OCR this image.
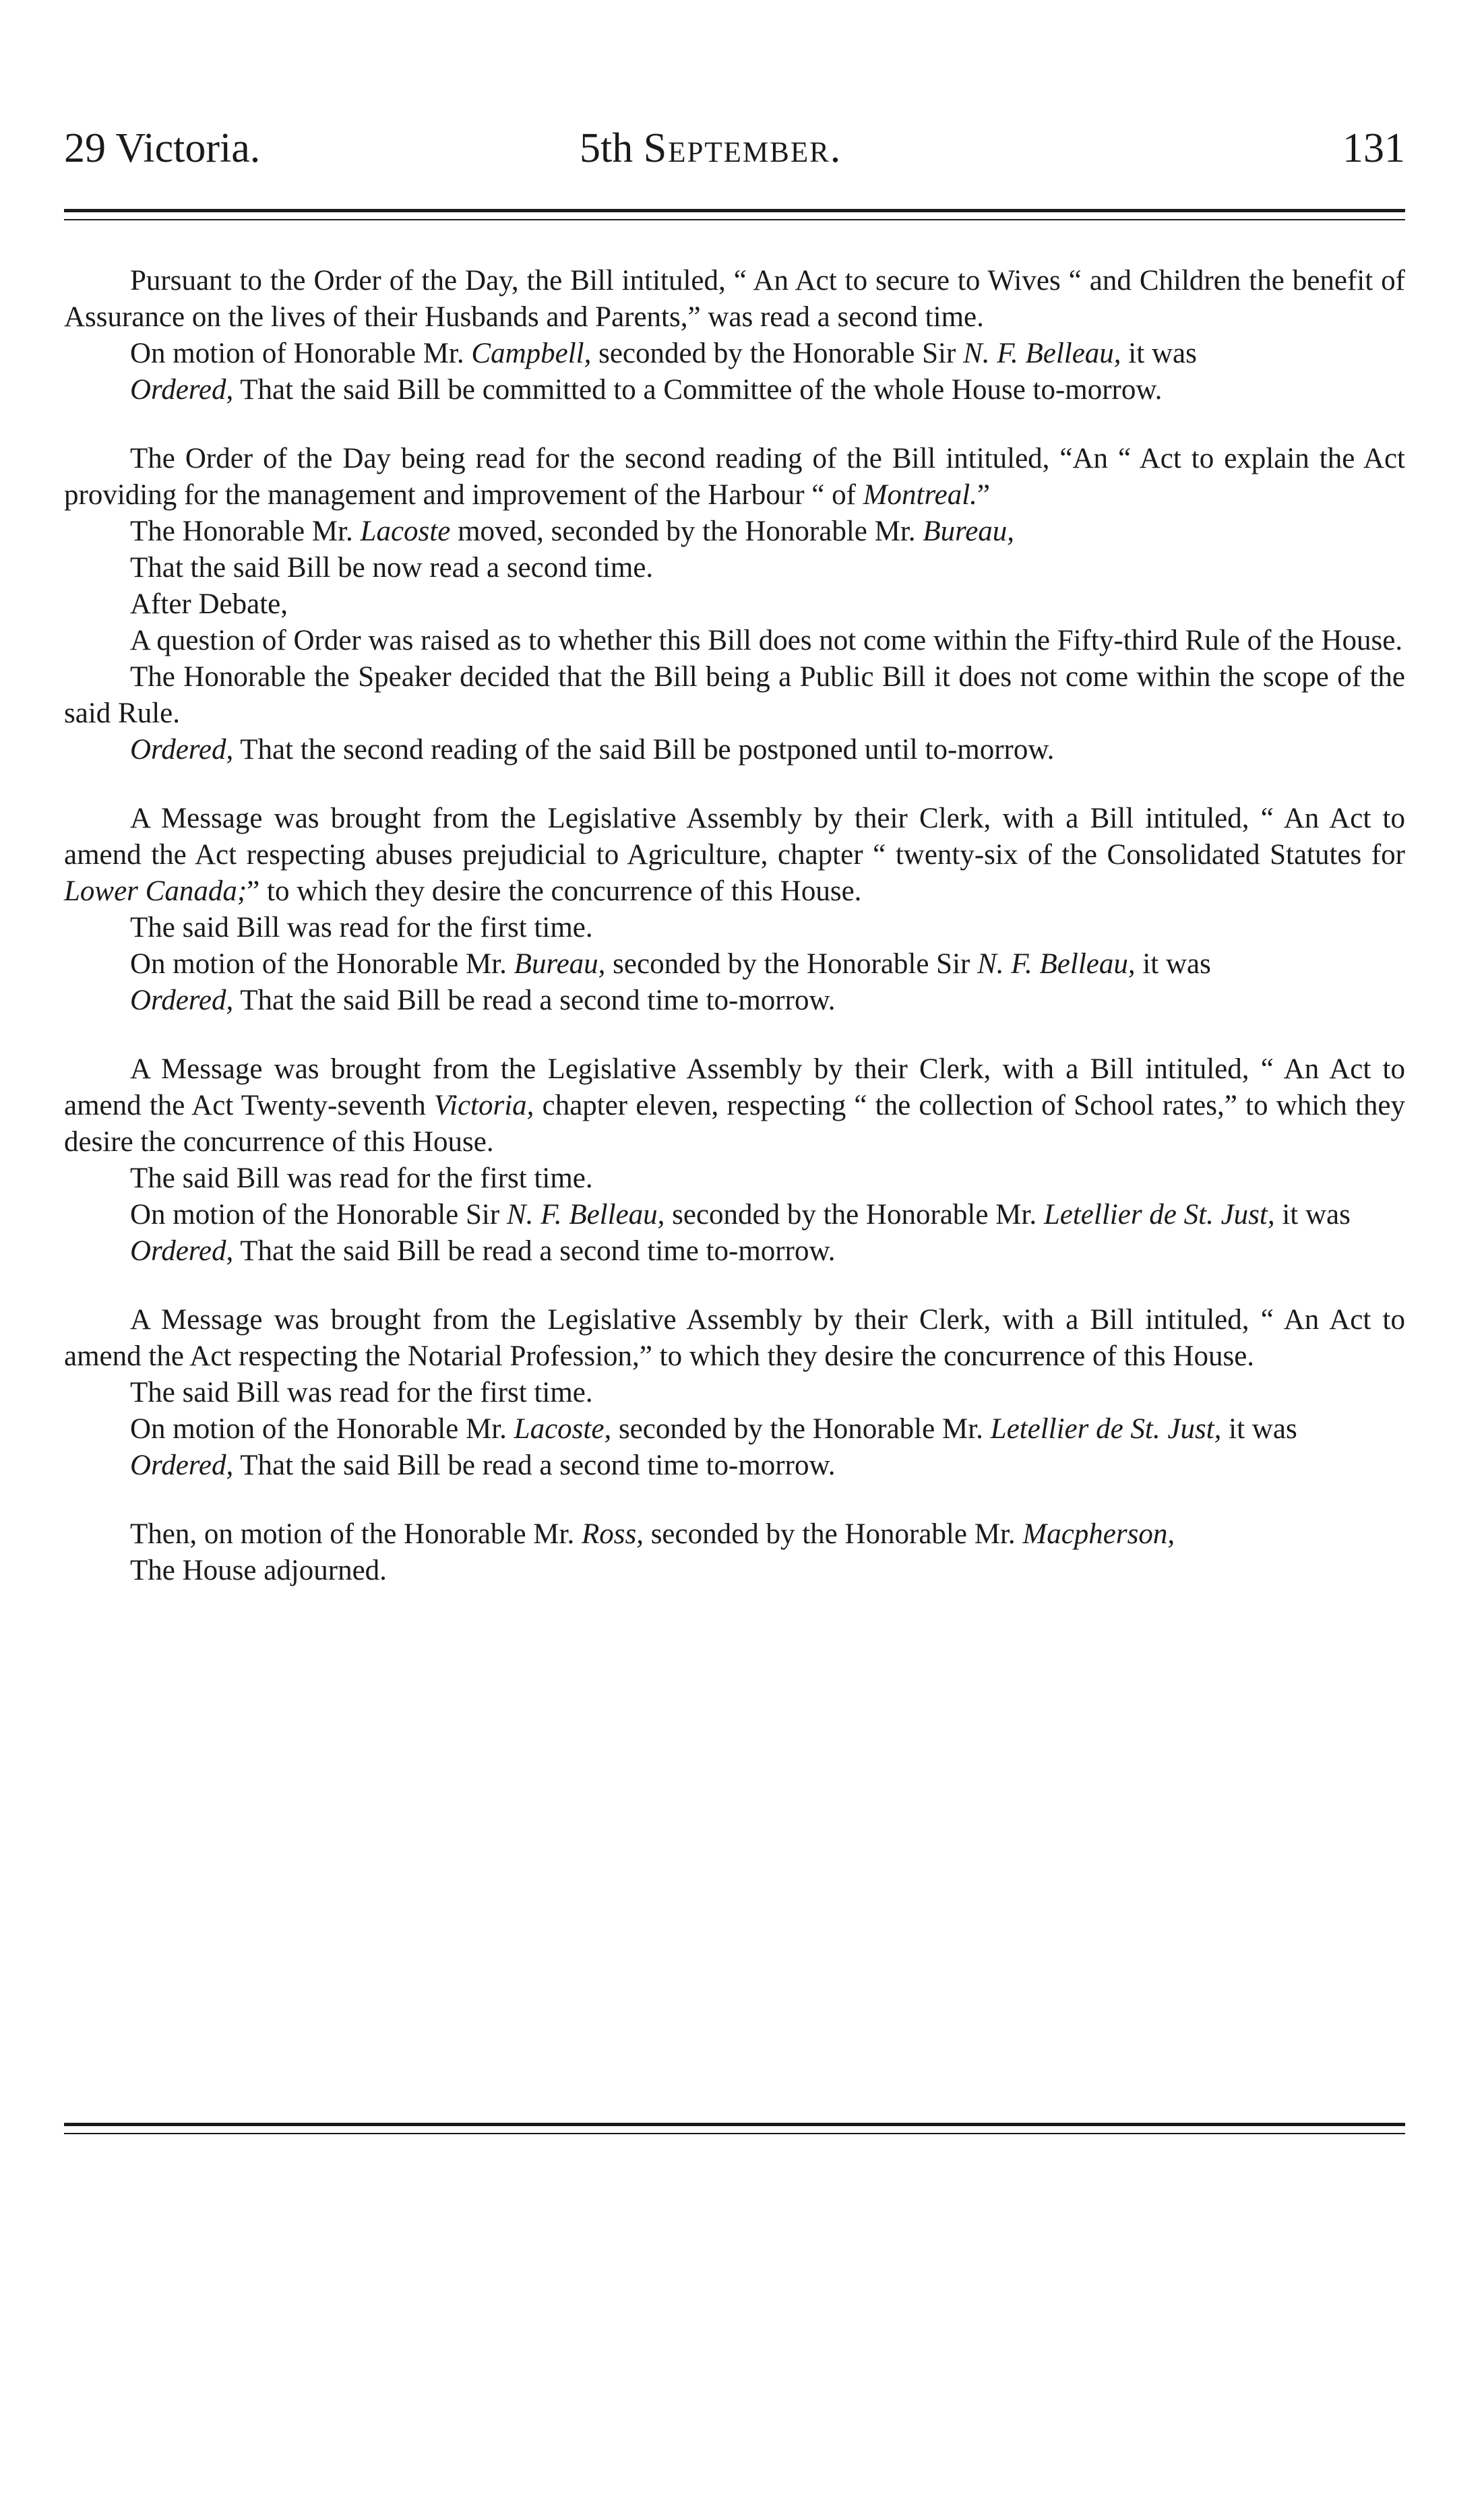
29 Victoria.	5th September.	131

Pursuant to the Order of the Day, the Bill intituled, “ An Act to secure to Wives “ and Children the benefit of Assurance on the lives of their Husbands and Parents,” was read a second time.

On motion of Honorable Mr. Campbell, seconded by the Honorable Sir N. F. Belleau, it was

Ordered, That the said Bill be committed to a Committee of the whole House to-morrow.

The Order of the Day being read for the second reading of the Bill intituled, “An “ Act to explain the Act providing for the management and improvement of the Harbour “ of Montreal.”

The Honorable Mr. Lacoste moved, seconded by the Honorable Mr. Bureau,

That the said Bill be now read a second time.

After Debate,

A question of Order was raised as to whether this Bill does not come within the Fifty-third Rule of the House.

The Honorable the Speaker decided that the Bill being a Public Bill it does not come within the scope of the said Rule.

Ordered, That the second reading of the said Bill be postponed until to-morrow.

A Message was brought from the Legislative Assembly by their Clerk, with a Bill intituled, “ An Act to amend the Act respecting abuses prejudicial to Agriculture, chapter “ twenty-six of the Consolidated Statutes for Lower Canada;” to which they desire the concurrence of this House.

The said Bill was read for the first time.

On motion of the Honorable Mr. Bureau, seconded by the Honorable Sir N. F. Belleau, it was

Ordered, That the said Bill be read a second time to-morrow.

A Message was brought from the Legislative Assembly by their Clerk, with a Bill intituled, “ An Act to amend the Act Twenty-seventh Victoria, chapter eleven, respecting “ the collection of School rates,” to which they desire the concurrence of this House.

The said Bill was read for the first time.

On motion of the Honorable Sir N. F. Belleau, seconded by the Honorable Mr. Letellier de St. Just, it was

Ordered, That the said Bill be read a second time to-morrow.

A Message was brought from the Legislative Assembly by their Clerk, with a Bill intituled, “ An Act to amend the Act respecting the Notarial Profession,” to which they desire the concurrence of this House.

The said Bill was read for the first time.

On motion of the Honorable Mr. Lacoste, seconded by the Honorable Mr. Letellier de St. Just, it was

Ordered, That the said Bill be read a second time to-morrow.

Then, on motion of the Honorable Mr. Ross, seconded by the Honorable Mr. Macpherson,

The House adjourned.
